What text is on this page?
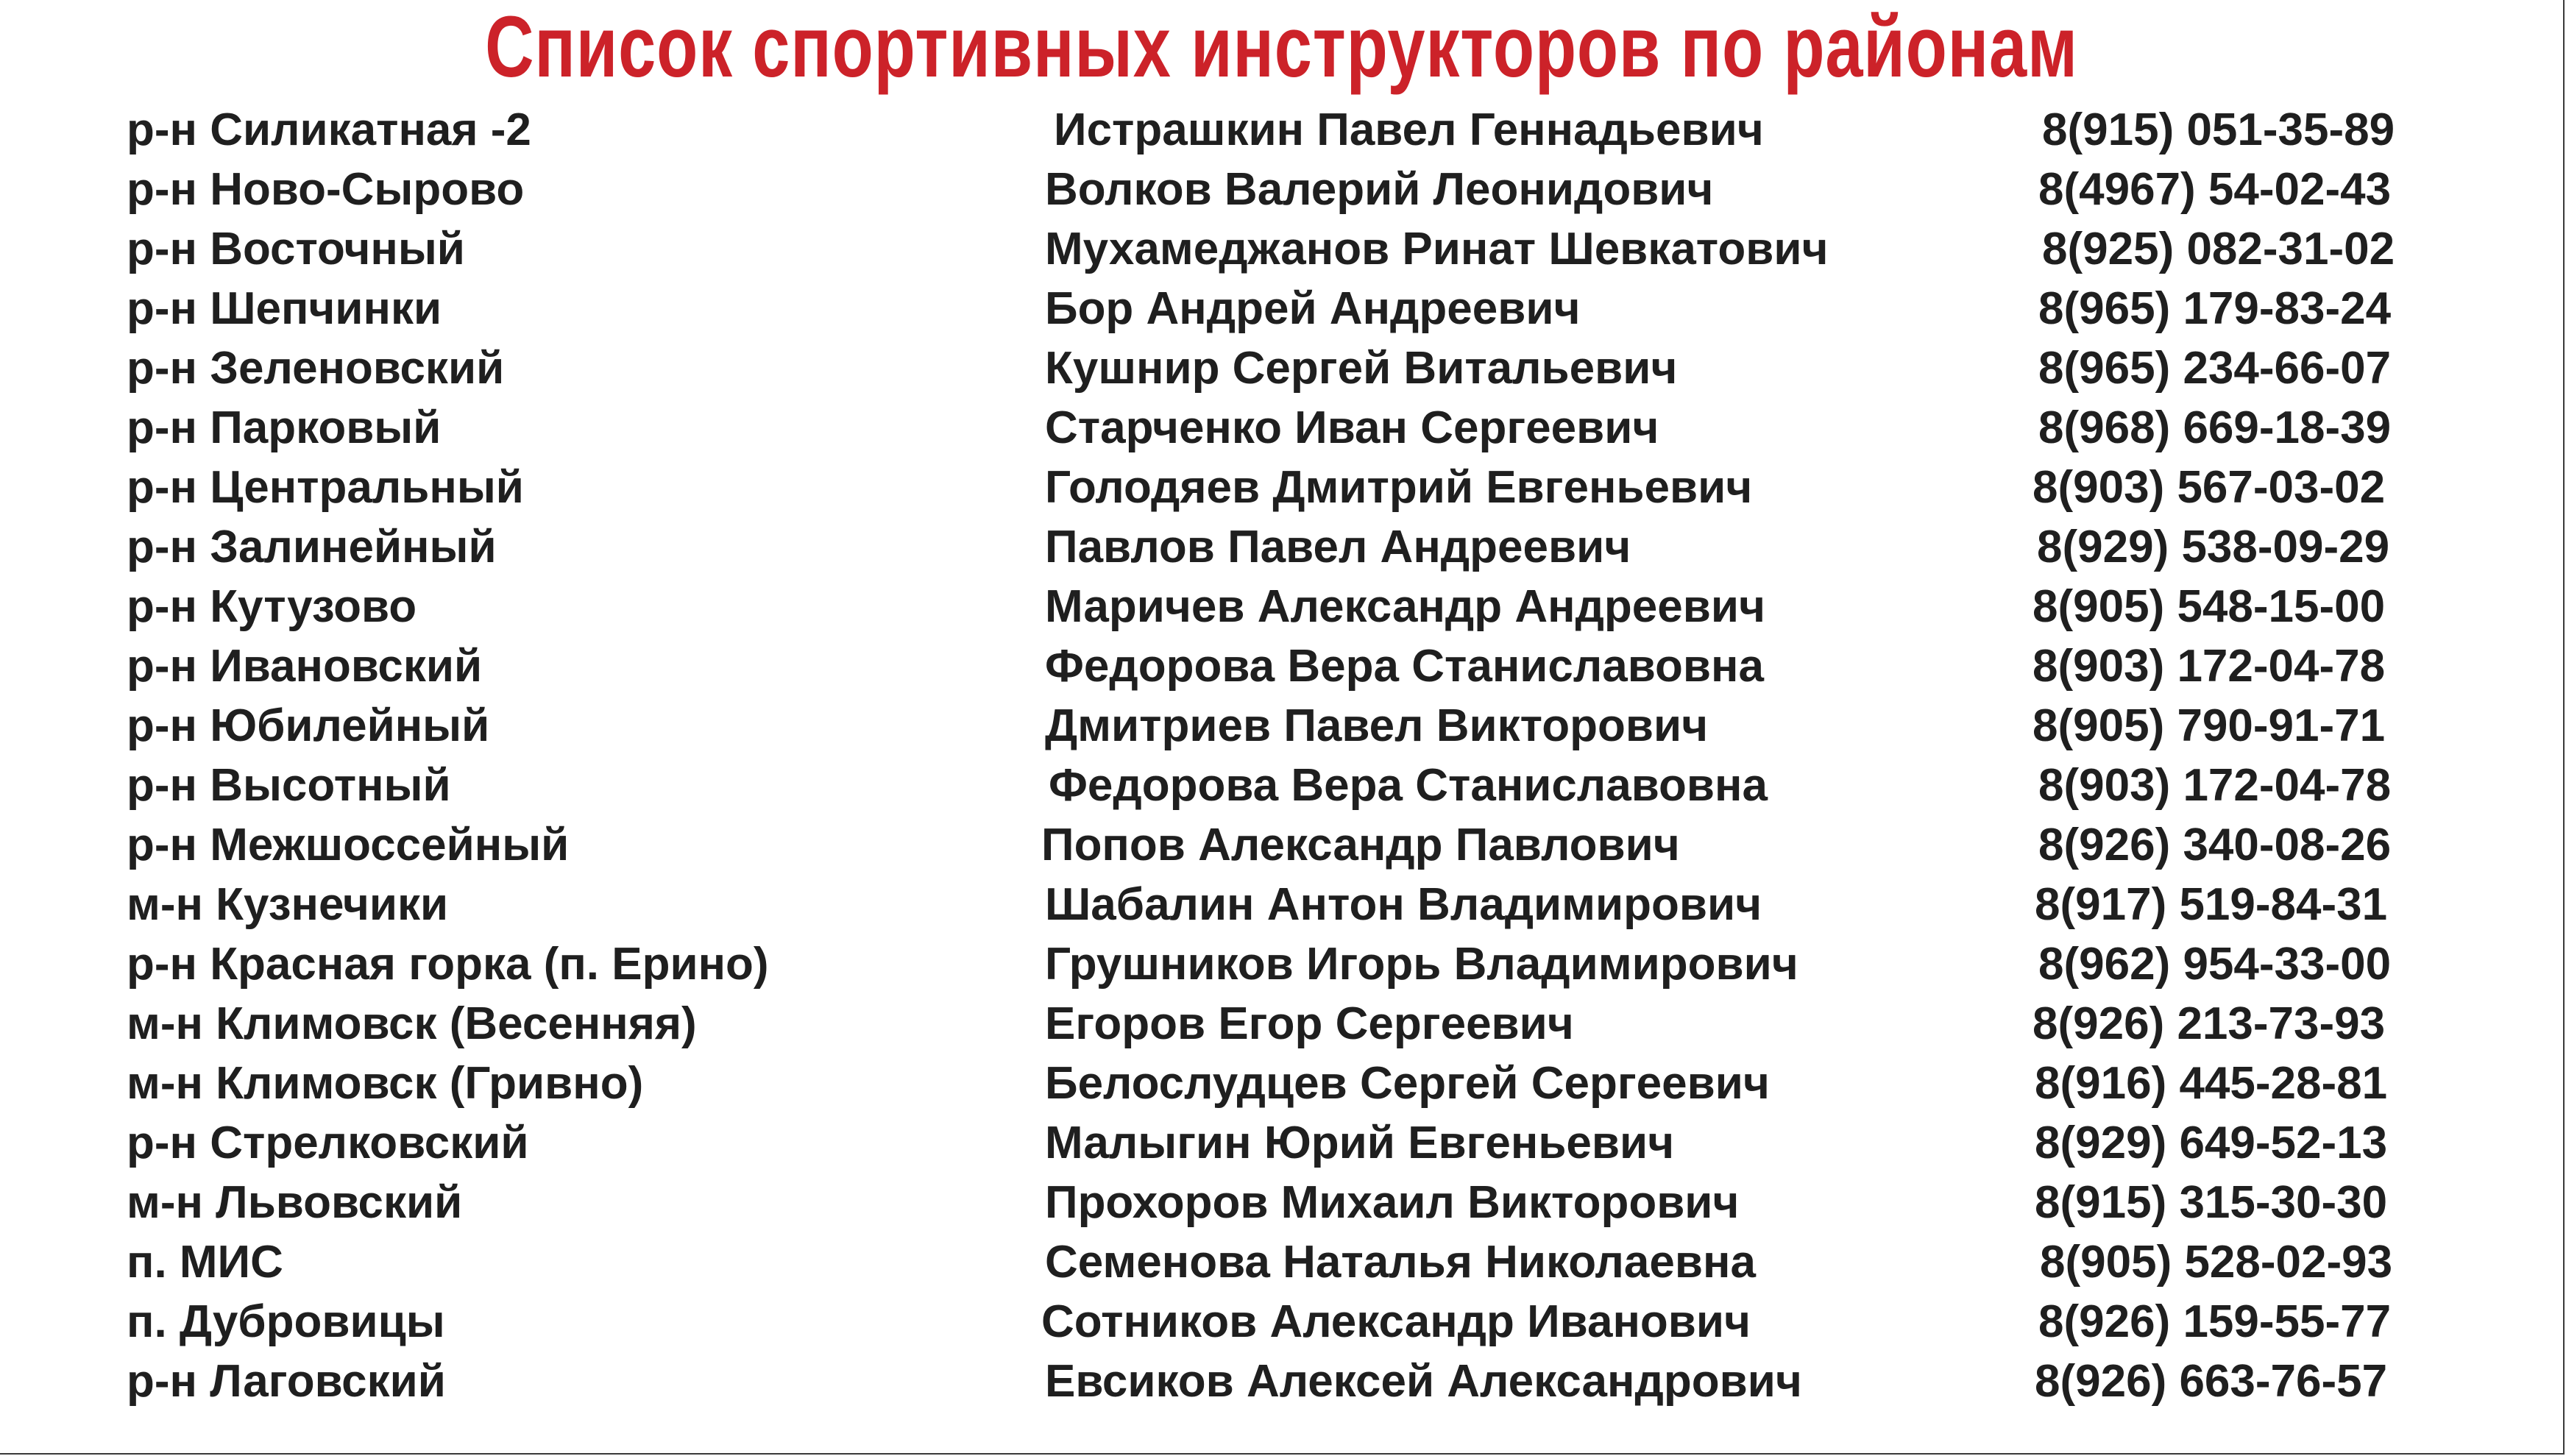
Список спортивных инструкторов по районам
р-н Силикатная -2	Истрашкин Павел Геннадьевич	8(915) 051-35-89
р-н Ново-Сырово	Волков Валерий Леонидович	8(4967) 54-02-43
р-н Восточный	Мухамеджанов Ринат Шевкатович	8(925) 082-31-02
р-н Шепчинки	Бор Андрей Андреевич	8(965) 179-83-24
р-н Зеленовский	Кушнир Сергей Витальевич	8(965) 234-66-07
р-н Парковый	Старченко Иван Сергеевич	8(968) 669-18-39
р-н Центральный	Голодяев Дмитрий Евгеньевич	8(903) 567-03-02
р-н Залинейный	Павлов Павел Андреевич	8(929) 538-09-29
р-н Кутузово	Маричев Александр Андреевич	8(905) 548-15-00
р-н Ивановский	Федорова Вера Станиславовна	8(903) 172-04-78
р-н Юбилейный	Дмитриев Павел Викторович	8(905) 790-91-71
р-н Высотный	Федорова Вера Станиславовна	8(903) 172-04-78
р-н Межшоссейный	Попов Александр Павлович	8(926) 340-08-26
м-н Кузнечики	Шабалин Антон Владимирович	8(917) 519-84-31
р-н Красная горка (п. Ерино)	Грушников Игорь Владимирович	8(962) 954-33-00
м-н Климовск (Весенняя)	Егоров Егор Сергеевич	8(926) 213-73-93
м-н Климовск (Гривно)	Белослудцев Сергей Сергеевич	8(916) 445-28-81
р-н Стрелковский	Малыгин Юрий Евгеньевич	8(929) 649-52-13
м-н Львовский	Прохоров Михаил Викторович	8(915) 315-30-30
п. МИС	Семенова Наталья Николаевна	8(905) 528-02-93
п. Дубровицы	Сотников Александр Иванович	8(926) 159-55-77
р-н Лаговский	Евсиков Алексей Александрович	8(926) 663-76-57
